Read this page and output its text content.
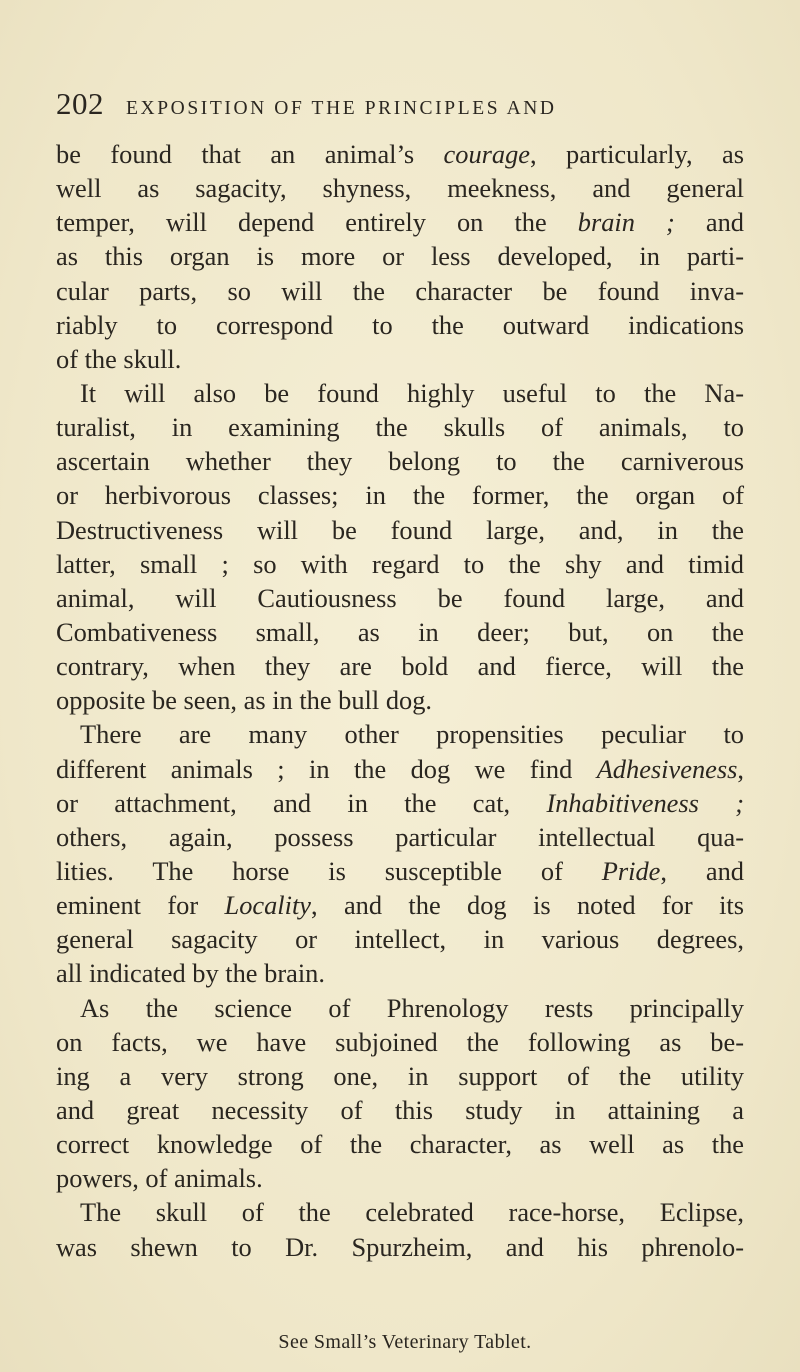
202 EXPOSITION OF THE PRINCIPLES AND
be found that an animal’s courage, particularly, as
well as sagacity, shyness, meekness, and general
temper, will depend entirely on the brain ; and
as this organ is more or less developed, in parti-
cular parts, so will the character be found inva-
riably to correspond to the outward indications
of the skull.
It will also be found highly useful to the Na-
turalist, in examining the skulls of animals, to
ascertain whether they belong to the carniverous
or herbivorous classes; in the former, the organ of
Destructiveness will be found large, and, in the
latter, small ; so with regard to the shy and timid
animal, will Cautiousness be found large, and
Combativeness small, as in deer; but, on the
contrary, when they are bold and fierce, will the
opposite be seen, as in the bull dog.
There are many other propensities peculiar to
different animals ; in the dog we find Adhesiveness,
or attachment, and in the cat, Inhabitiveness ;
others, again, possess particular intellectual qua-
lities. The horse is susceptible of Pride, and
eminent for Locality, and the dog is noted for its
general sagacity or intellect, in various degrees,
all indicated by the brain.
As the science of Phrenology rests principally
on facts, we have subjoined the following as be-
ing a very strong one, in support of the utility
and great necessity of this study in attaining a
correct knowledge of the character, as well as the
powers, of animals.
The skull of the celebrated race-horse, Eclipse,
was shewn to Dr. Spurzheim, and his phrenolo-
See Small’s Veterinary Tablet.
